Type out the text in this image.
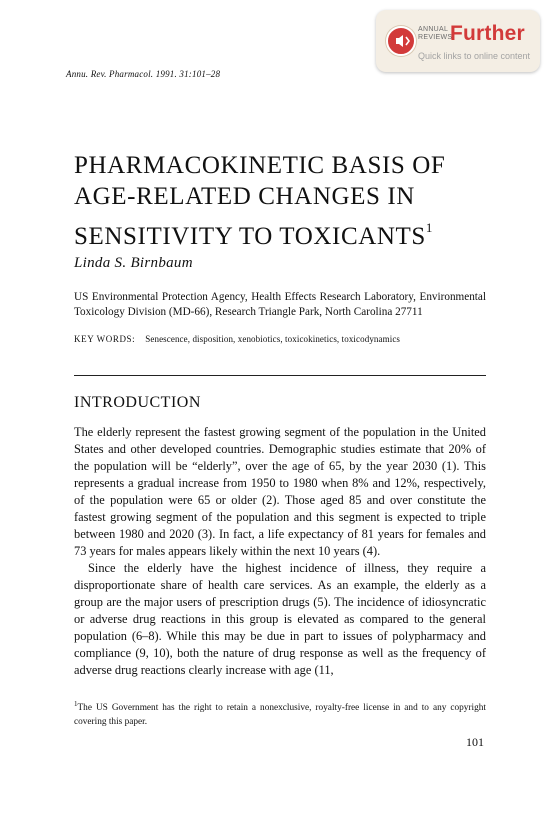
ANNUAL
REVIEWS
Further
Quick links to online content
Annu. Rev. Pharmacol. 1991. 31:101–28
PHARMACOKINETIC BASIS OF AGE-RELATED CHANGES IN SENSITIVITY TO TOXICANTS$^1$
Linda S. Birnbaum
US Environmental Protection Agency, Health Effects Research Laboratory, Environmental Toxicology Division (MD-66), Research Triangle Park, North Carolina 27711
KEY WORDS: Senescence, disposition, xenobiotics, toxicokinetics, toxicodynamics
INTRODUCTION

The elderly represent the fastest growing segment of the population in the United States and other developed countries. Demographic studies estimate that 20% of the population will be “elderly”, over the age of 65, by the year 2030 (1). This represents a gradual increase from 1950 to 1980 when 8% and 12%, respectively, of the population were 65 or older (2). Those aged 85 and over constitute the fastest growing segment of the population and this segment is expected to triple between 1980 and 2020 (3). In fact, a life expectancy of 81 years for females and 73 years for males appears likely within the next 10 years (4).

Since the elderly have the highest incidence of illness, they require a disproportionate share of health care services. As an example, the elderly as a group are the major users of prescription drugs (5). The incidence of idiosyncratic or adverse drug reactions in this group is elevated as compared to the general population (6–8). While this may be due in part to issues of polypharmacy and compliance (9, 10), both the nature of drug response as well as the frequency of adverse drug reactions clearly increase with age (11,

$^1$The US Government has the right to retain a nonexclusive, royalty-free license in and to any copyright covering this paper.
101
